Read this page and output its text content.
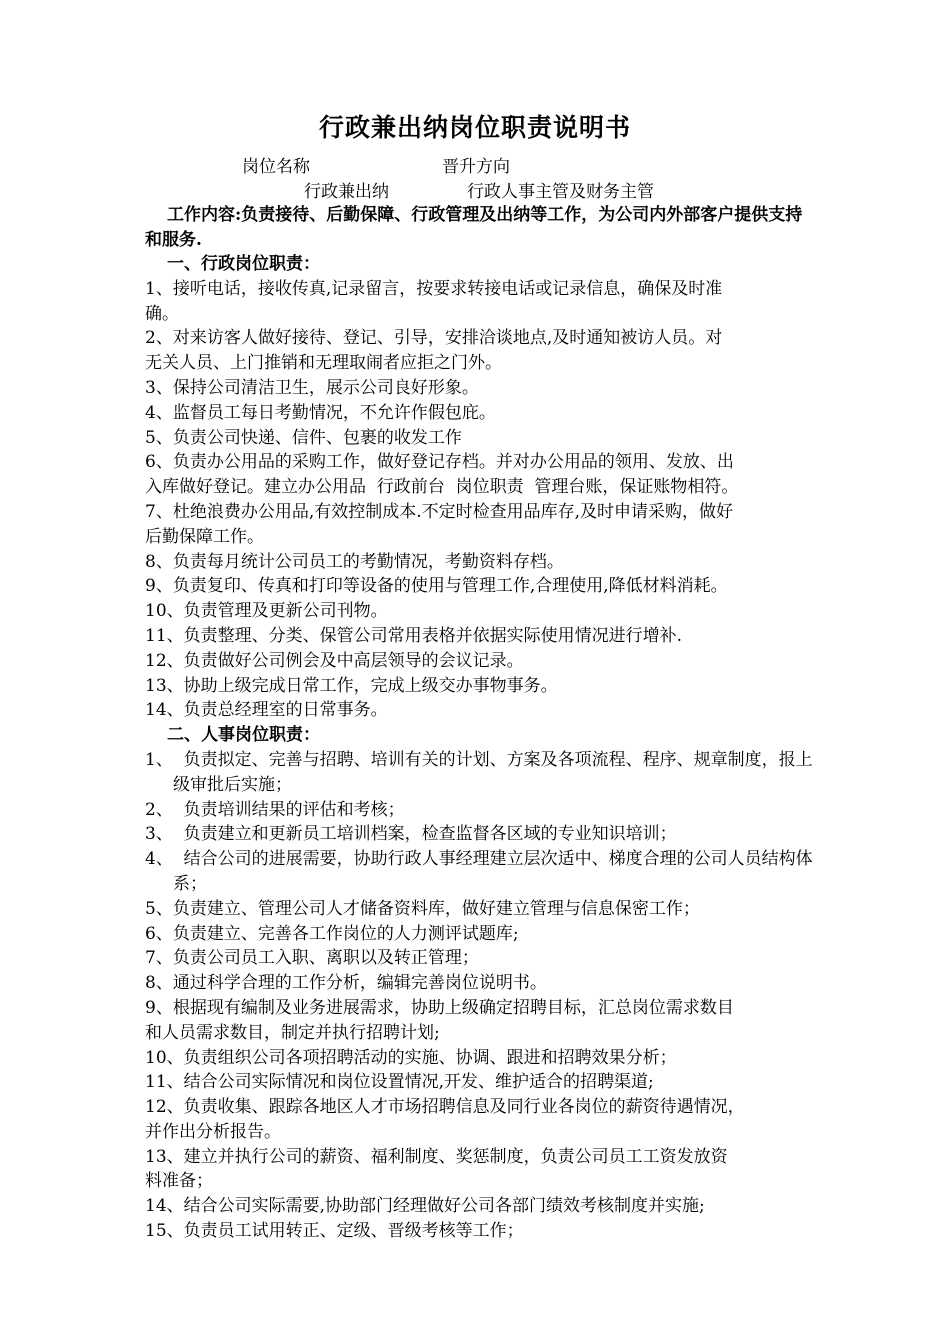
行政兼出纳岗位职责说明书
岗位名称	晋升方向
行政兼出纳	行政人事主管及财务主管
工作内容:负责接待、后勤保障、行政管理及出纳等工作，为公司内外部客户提供支持和服务.
一、行政岗位职责：
1、接听电话，接收传真,记录留言，按要求转接电话或记录信息，确保及时准
确。
2、对来访客人做好接待、登记、引导，安排洽谈地点,及时通知被访人员。对
无关人员、上门推销和无理取闹者应拒之门外。
3、保持公司清洁卫生，展示公司良好形象。
4、监督员工每日考勤情况，不允许作假包庇。
5、负责公司快递、信件、包裹的收发工作
6、负责办公用品的采购工作，做好登记存档。并对办公用品的领用、发放、出
入库做好登记。建立办公用品  行政前台  岗位职责  管理台账，保证账物相符。
7、杜绝浪费办公用品,有效控制成本.不定时检查用品库存,及时申请采购，做好
后勤保障工作。
8、负责每月统计公司员工的考勤情况，考勤资料存档。
9、负责复印、传真和打印等设备的使用与管理工作,合理使用,降低材料消耗。
10、负责管理及更新公司刊物。
11、负责整理、分类、保管公司常用表格并依据实际使用情况进行增补.
12、负责做好公司例会及中高层领导的会议记录。
13、协助上级完成日常工作，完成上级交办事物事务。
14、负责总经理室的日常事务。
二、人事岗位职责：
1、  负责拟定、完善与招聘、培训有关的计划、方案及各项流程、程序、规章制度，报上级审批后实施；
2、  负责培训结果的评估和考核；
3、  负责建立和更新员工培训档案，检查监督各区域的专业知识培训；
4、  结合公司的进展需要，协助行政人事经理建立层次适中、梯度合理的公司人员结构体系；
5、负责建立、管理公司人才储备资料库，做好建立管理与信息保密工作；
6、负责建立、完善各工作岗位的人力测评试题库;
7、负责公司员工入职、离职以及转正管理；
8、通过科学合理的工作分析，编辑完善岗位说明书。
9、根据现有编制及业务进展需求，协助上级确定招聘目标，汇总岗位需求数目
和人员需求数目，制定并执行招聘计划;
10、负责组织公司各项招聘活动的实施、协调、跟进和招聘效果分析；
11、结合公司实际情况和岗位设置情况,开发、维护适合的招聘渠道;
12、负责收集、跟踪各地区人才市场招聘信息及同行业各岗位的薪资待遇情况，
并作出分析报告。
13、建立并执行公司的薪资、福利制度、奖惩制度，负责公司员工工资发放资
料准备；
14、结合公司实际需要,协助部门经理做好公司各部门绩效考核制度并实施;
15、负责员工试用转正、定级、晋级考核等工作；
